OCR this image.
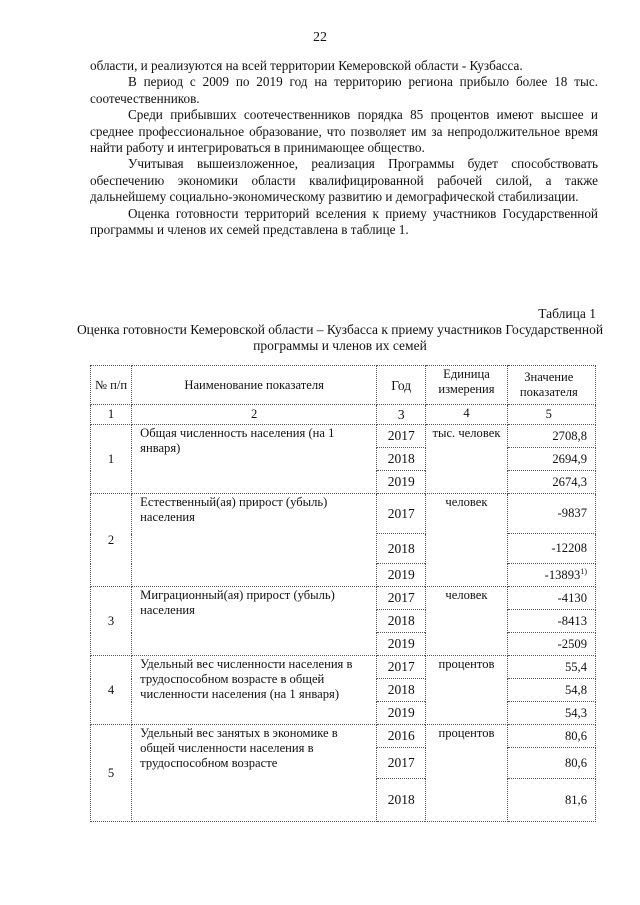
22

области, и реализуются на всей территории Кемеровской области - Кузбасса.

В период с 2009 по 2019 год на территорию региона прибыло более 18 тыс. соотечественников.

Среди прибывших соотечественников порядка 85 процентов имеют высшее и среднее профессиональное образование, что позволяет им за непродолжительное время найти работу и интегрироваться в принимающее общество.

Учитывая вышеизложенное, реализация Программы будет способствовать обеспечению экономики области квалифицированной рабочей силой, а также дальнейшему социально-экономическому развитию и демографической стабилизации.

Оценка готовности территорий вселения к приему участников Государственной программы и членов их семей представлена в таблице 1.

Таблица 1
Оценка готовности Кемеровской области – Кузбасса к приему участников Государственной программы и членов их семей
№ п/п	Наименование показателя	Год	Единица измерения	Значение показателя
1	2	3	4	5
1	Общая численность населения (на 1 января)	2017	тыс. человек	2708,8
		2018		2694,9
		2019		2674,3
2	Естественный(ая) прирост (убыль) населения	2017	человек	-9837
		2018		-12208
		2019		-13893$^{1)}$
3	Миграционный(ая) прирост (убыль) населения	2017	человек	-4130
		2018		-8413
		2019		-2509
4	Удельный вес численности населения в трудоспособном возрасте в общей численности населения (на 1 января)	2017	процентов	55,4
		2018		54,8
		2019		54,3
5	Удельный вес занятых в экономике в общей численности населения в трудоспособном возрасте	2016	процентов	80,6
		2017		80,6
		2018		81,6
